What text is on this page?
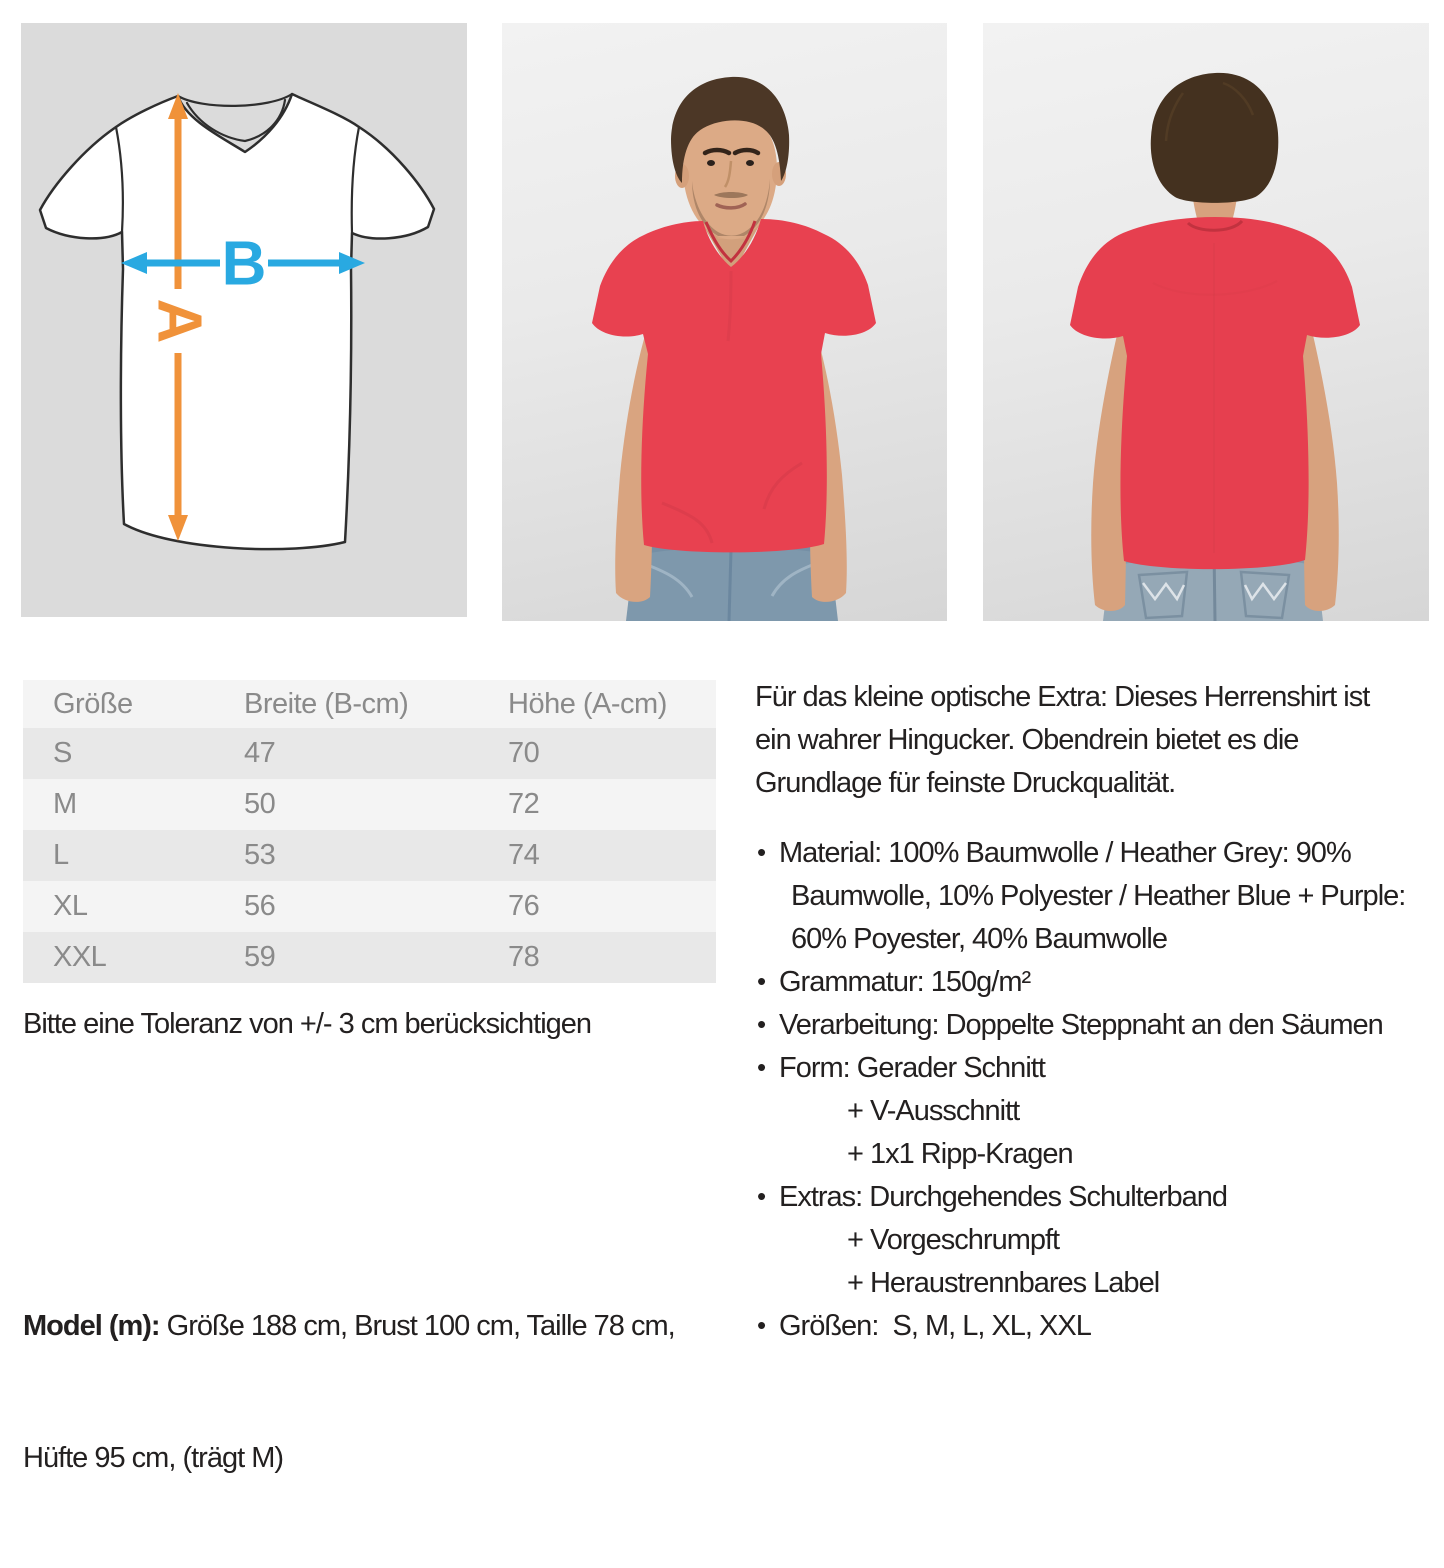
A
B
Größe	Breite (B-cm)	Höhe (A-cm)
S	47	70
M	50	72
L	53	74
XL	56	76
XXL	59	78
Bitte eine Toleranz von +/- 3 cm berücksichtigen

Model (m): Größe 188 cm, Brust 100 cm, Taille 78 cm,

Hüfte 95 cm, (trägt M)

Für das kleine optische Extra: Dieses Herrenshirt ist
ein wahrer Hingucker. Obendrein bietet es die
Grundlage für feinste Druckqualität.
• Material: 100% Baumwolle / Heather Grey: 90%
Baumwolle, 10% Polyester / Heather Blue + Purple:
60% Poyester, 40% Baumwolle
• Grammatur: 150g/m²
• Verarbeitung: Doppelte Steppnaht an den Säumen
• Form: Gerader Schnitt
+ V-Ausschnitt
+ 1x1 Ripp-Kragen
• Extras: Durchgehendes Schulterband
+ Vorgeschrumpft
+ Heraustrennbares Label
• Größen:  S, M, L, XL, XXL
